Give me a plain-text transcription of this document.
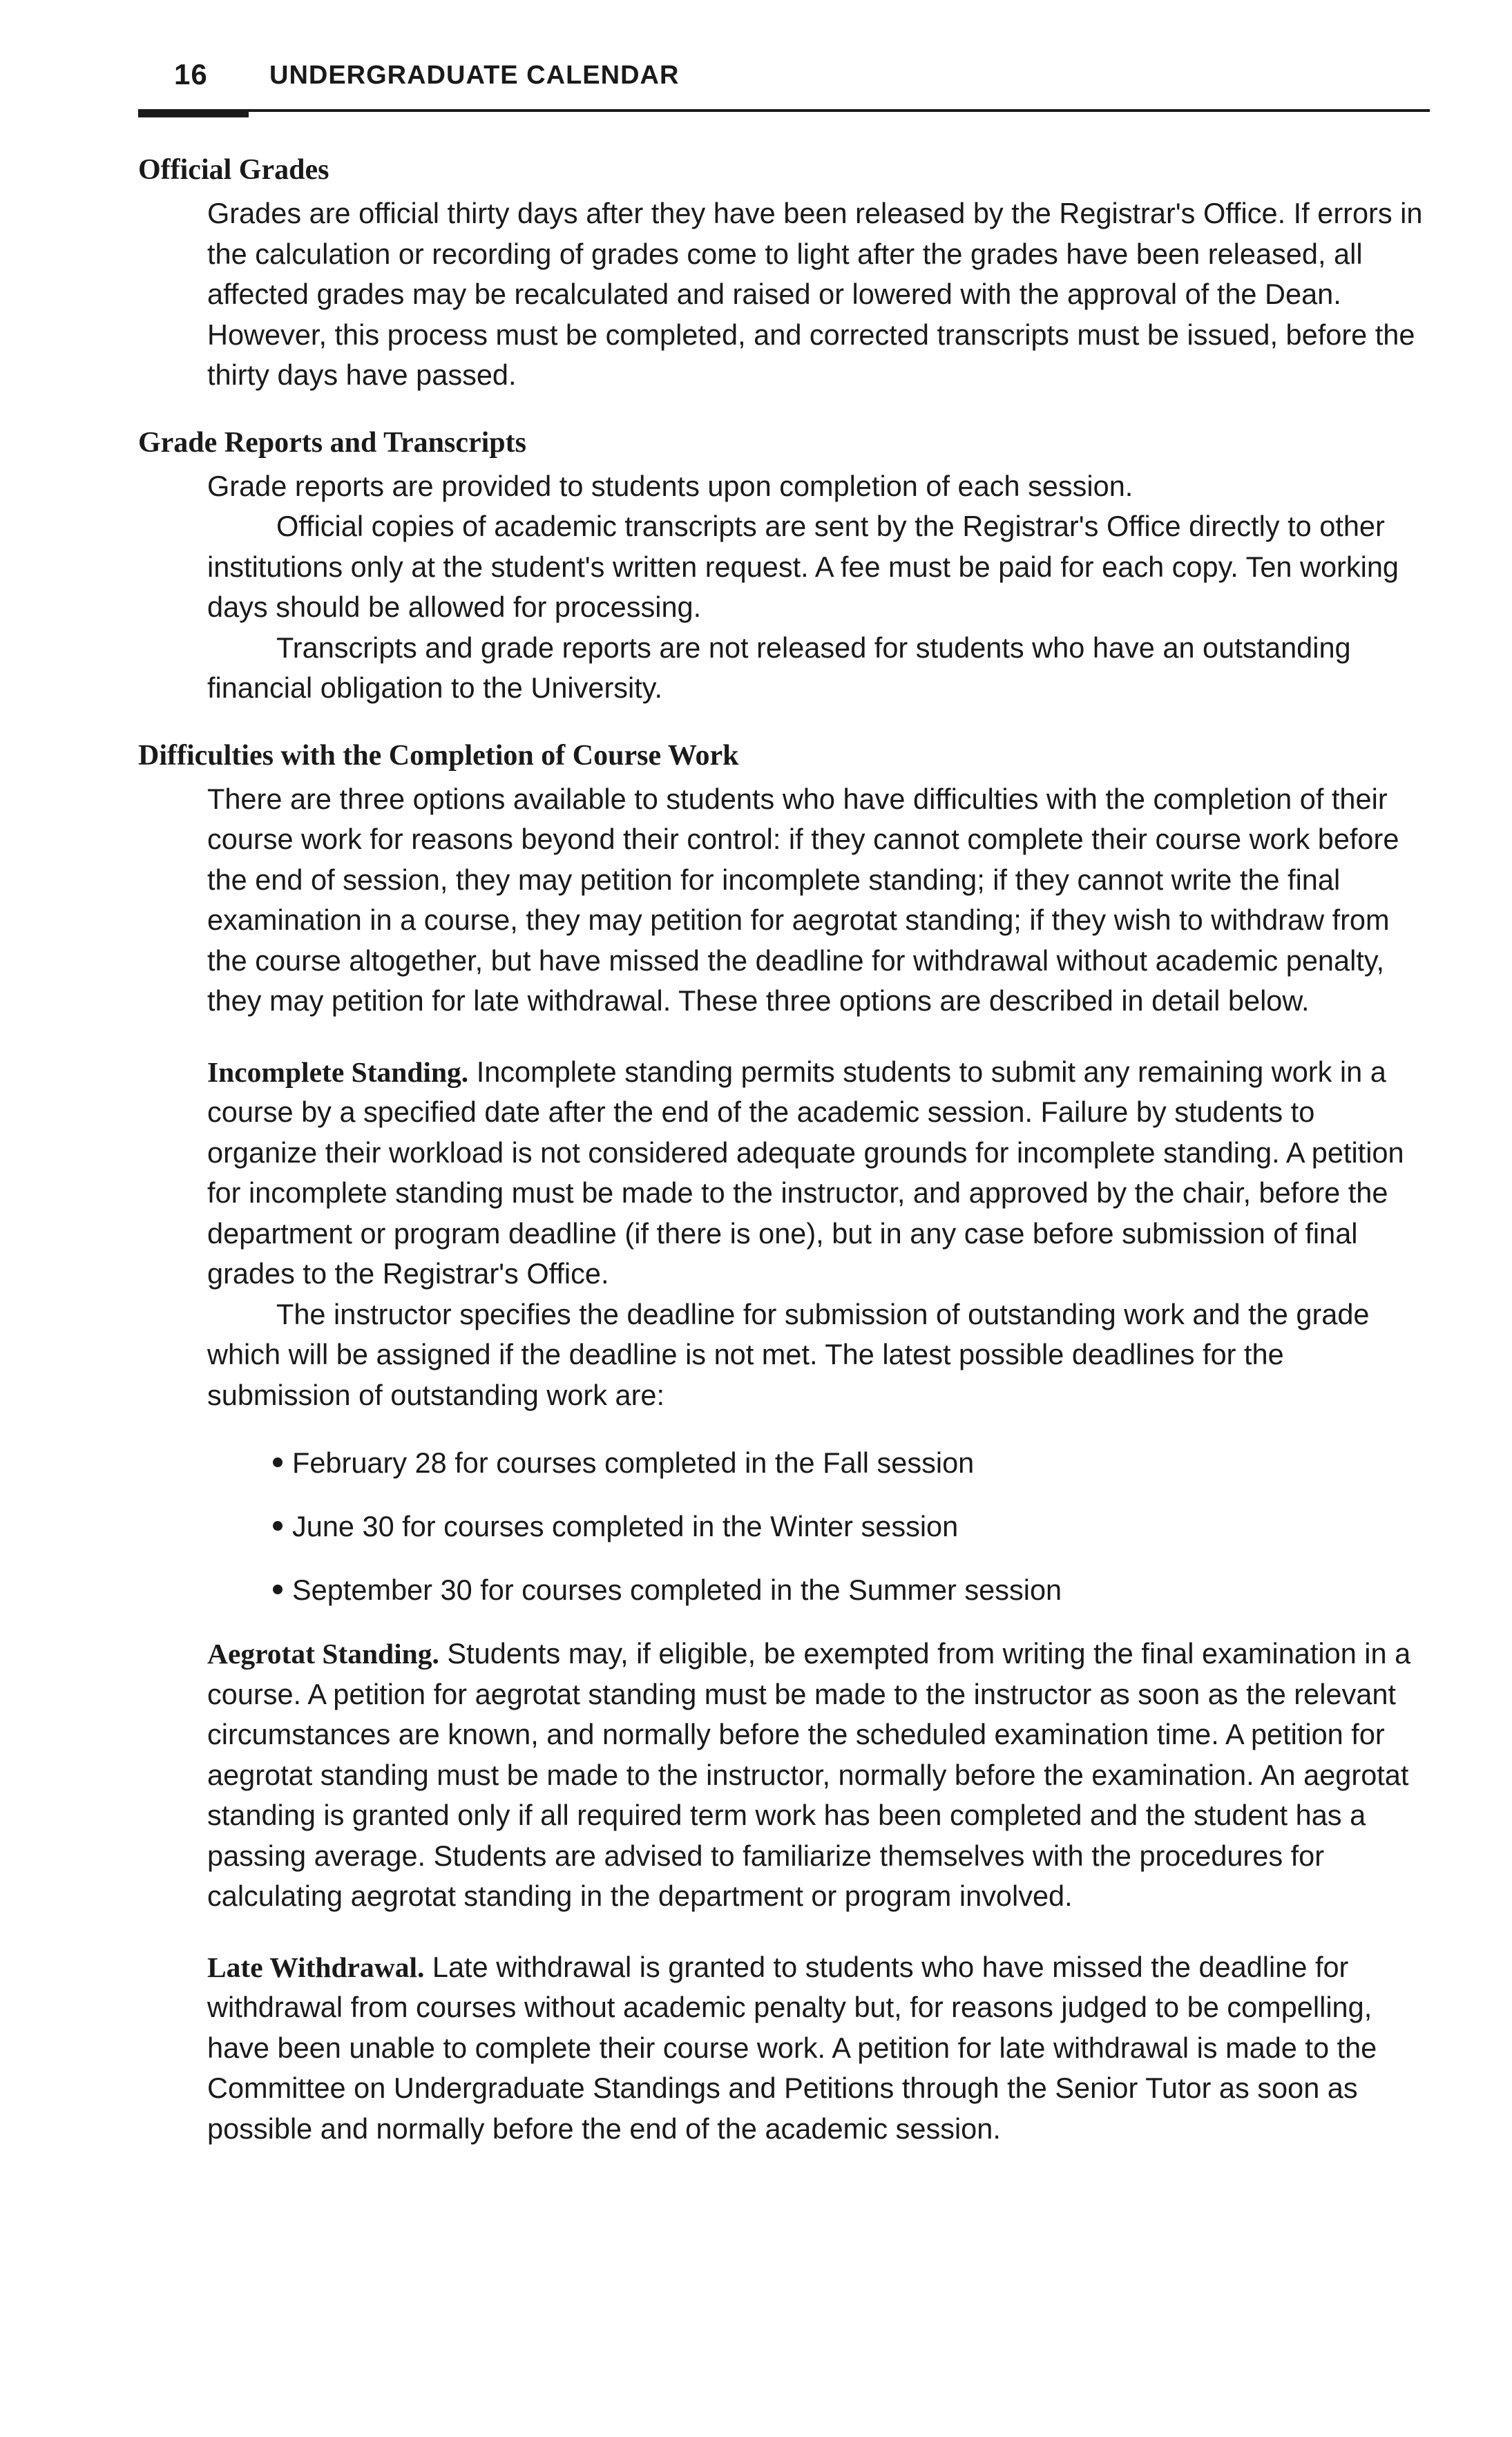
16 UNDERGRADUATE CALENDAR
Official Grades

Grades are official thirty days after they have been released by the Registrar's Office. If errors in the calculation or recording of grades come to light after the grades have been released, all affected grades may be recalculated and raised or lowered with the approval of the Dean. However, this process must be completed, and corrected transcripts must be issued, before the thirty days have passed.

Grade Reports and Transcripts

Grade reports are provided to students upon completion of each session.

Official copies of academic transcripts are sent by the Registrar's Office directly to other institutions only at the student's written request. A fee must be paid for each copy. Ten working days should be allowed for processing.

Transcripts and grade reports are not released for students who have an outstanding financial obligation to the University.

Difficulties with the Completion of Course Work

There are three options available to students who have difficulties with the completion of their course work for reasons beyond their control: if they cannot complete their course work before the end of session, they may petition for incomplete standing; if they cannot write the final examination in a course, they may petition for aegrotat standing; if they wish to withdraw from the course altogether, but have missed the deadline for withdrawal without academic penalty, they may petition for late withdrawal. These three options are described in detail below.

Incomplete Standing. Incomplete standing permits students to submit any remaining work in a course by a specified date after the end of the academic session. Failure by students to organize their workload is not considered adequate grounds for incomplete standing. A petition for incomplete standing must be made to the instructor, and approved by the chair, before the department or program deadline (if there is one), but in any case before submission of final grades to the Registrar's Office.

The instructor specifies the deadline for submission of outstanding work and the grade which will be assigned if the deadline is not met. The latest possible deadlines for the submission of outstanding work are:

February 28 for courses completed in the Fall session
June 30 for courses completed in the Winter session
September 30 for courses completed in the Summer session

Aegrotat Standing. Students may, if eligible, be exempted from writing the final examination in a course. A petition for aegrotat standing must be made to the instructor as soon as the relevant circumstances are known, and normally before the scheduled examination time. A petition for aegrotat standing must be made to the instructor, normally before the examination. An aegrotat standing is granted only if all required term work has been completed and the student has a passing average. Students are advised to familiarize themselves with the procedures for calculating aegrotat standing in the department or program involved.

Late Withdrawal. Late withdrawal is granted to students who have missed the deadline for withdrawal from courses without academic penalty but, for reasons judged to be compelling, have been unable to complete their course work. A petition for late withdrawal is made to the Committee on Undergraduate Standings and Petitions through the Senior Tutor as soon as possible and normally before the end of the academic session.
